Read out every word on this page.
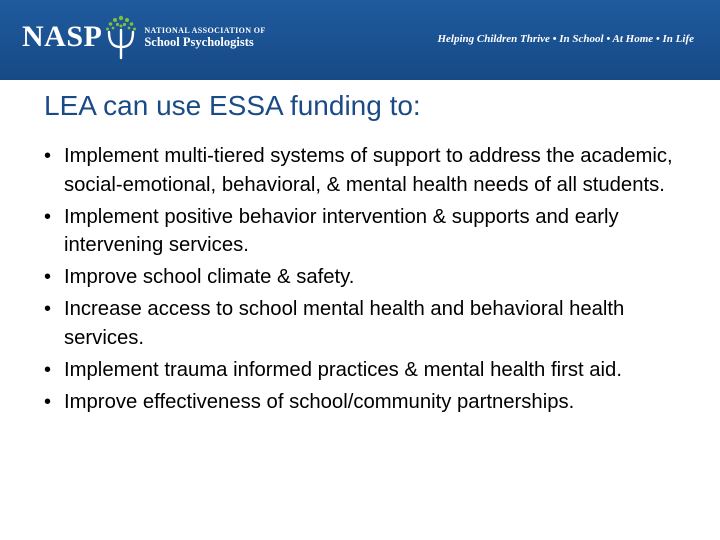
NASP	NATIONAL ASSOCIATION OF
School Psychologists	Helping Children Thrive • In School • At Home • In Life
LEA can use ESSA funding to:
• Implement multi-tiered systems of support to address the academic, social-emotional, behavioral, & mental health needs of all students.
• Implement positive behavior intervention & supports and early intervening services.
• Improve school climate & safety.
• Increase access to school mental health and behavioral health services.
• Implement trauma informed practices & mental health first aid.
• Improve effectiveness of school/community partnerships.
